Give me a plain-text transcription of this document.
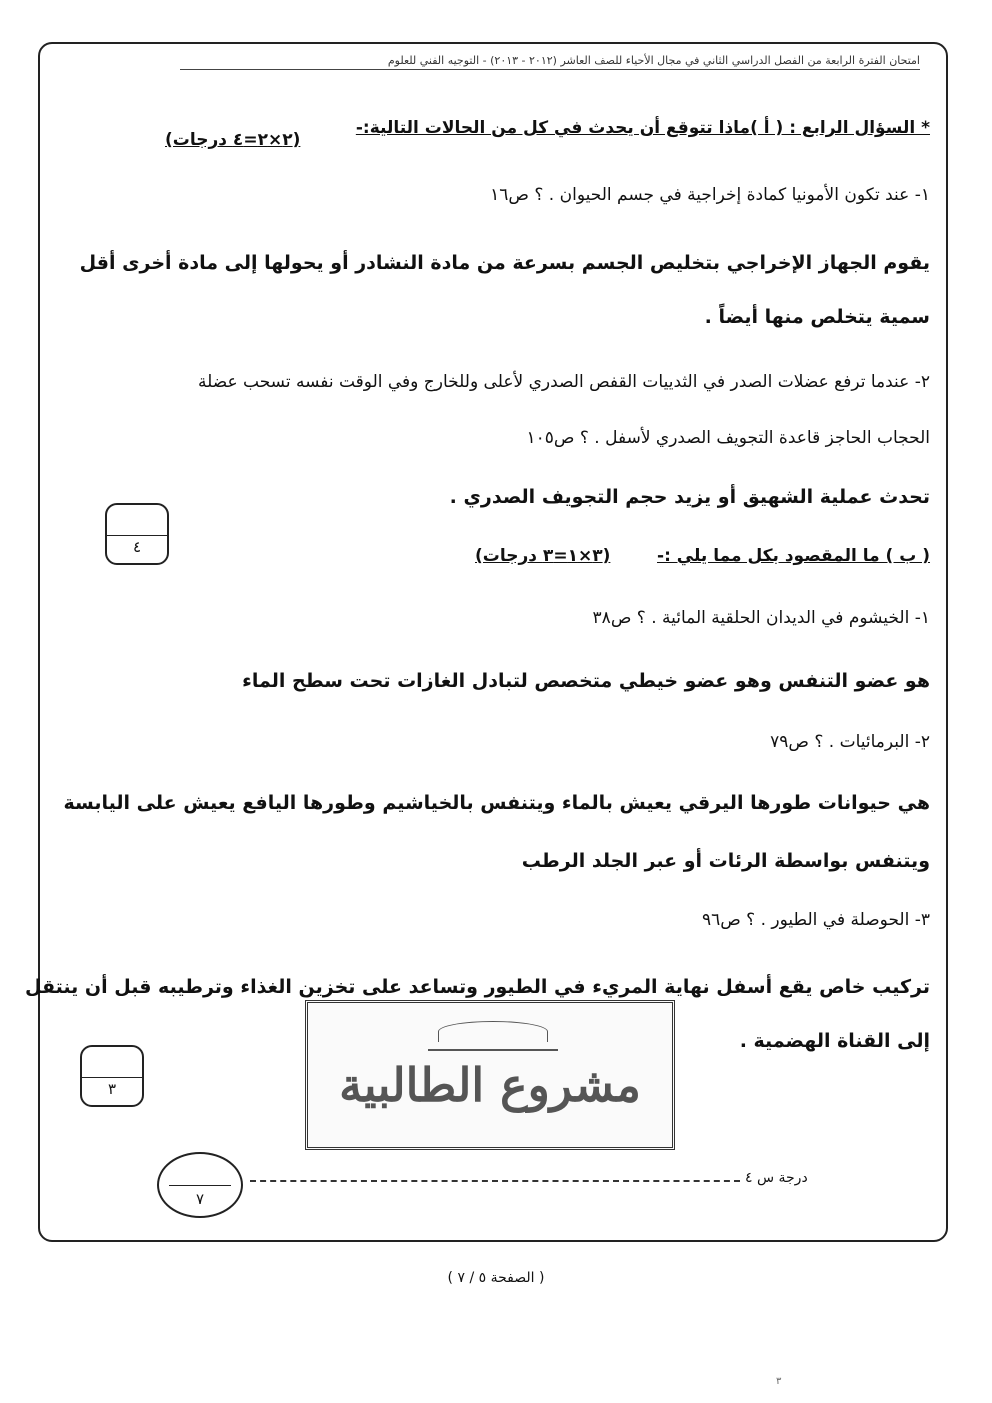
امتحان الفترة الرابعة من الفصل الدراسي الثاني في مجال الأحياء للصف العاشر (٢٠١٢ - ٢٠١٣) - التوجيه الفني للعلوم
* السؤال الرابع : ( أ )ماذا تتوقع أن يحدث في كل من الحالات التالية:-
(٢×٢=٤ درجات)
١- عند تكون الأمونيا كمادة إخراجية في جسم الحيوان . ؟ ص١٦
يقوم الجهاز الإخراجي بتخليص الجسم بسرعة من مادة النشادر أو يحولها إلى مادة أخرى أقل
سمية يتخلص منها أيضاً .
٢- عندما ترفع عضلات الصدر في الثدييات القفص الصدري لأعلى وللخارج وفي الوقت نفسه تسحب عضلة
الحجاب الحاجز قاعدة التجويف الصدري لأسفل . ؟ ص١٠٥
تحدث عملية الشهيق أو يزيد حجم التجويف الصدري .
٤	( ب ) ما المقصود بكل مما يلي :-
(٣×١=٣ درجات)
١- الخيشوم في الديدان الحلقية المائية . ؟ ص٣٨
هو عضو التنفس وهو عضو خيطي متخصص لتبادل الغازات تحت سطح الماء
٢- البرمائيات . ؟ ص٧٩
هي حيوانات طورها اليرقي يعيش بالماء ويتنفس بالخياشيم وطورها اليافع يعيش على اليابسة
ويتنفس بواسطة الرئات أو عبر الجلد الرطب
٣- الحوصلة في الطيور . ؟ ص٩٦
تركيب خاص يقع أسفل نهاية المريء في الطيور وتساعد على تخزين الغذاء وترطيبه قبل أن ينتقل
إلى القناة الهضمية .
٣	مشروع الطالبية
٧
درجة س ٤
( الصفحة ٥ / ٧ )
٣
